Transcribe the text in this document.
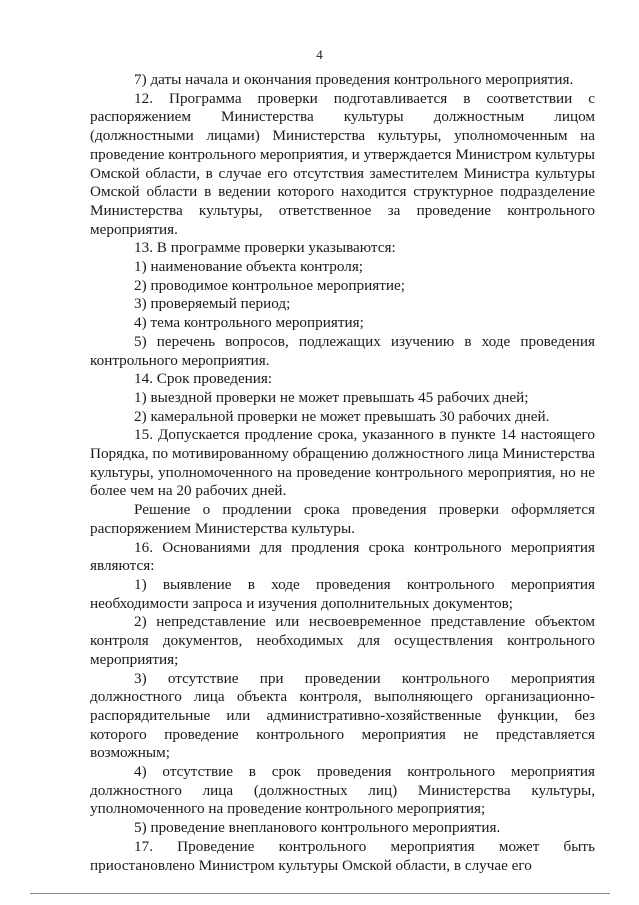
4

7) даты начала и окончания проведения контрольного мероприятия.

12. Программа проверки подготавливается в соответствии с распоряжением Министерства культуры должностным лицом (должностными лицами) Министерства культуры, уполномоченным на проведение контрольного мероприятия, и утверждается Министром культуры Омской области, в случае его отсутствия заместителем Министра культуры Омской области в ведении которого находится структурное подразделение Министерства культуры, ответственное за проведение контрольного мероприятия.

13. В программе проверки указываются:

1) наименование объекта контроля;

2) проводимое контрольное мероприятие;

3) проверяемый период;

4) тема контрольного мероприятия;

5) перечень вопросов, подлежащих изучению в ходе проведения контрольного мероприятия.

14. Срок проведения:

1) выездной проверки не может превышать 45 рабочих дней;

2) камеральной проверки не может превышать 30 рабочих дней.

15. Допускается продление срока, указанного в пункте 14 настоящего Порядка, по мотивированному обращению должностного лица Министерства культуры, уполномоченного на проведение контрольного мероприятия, но не более чем на 20 рабочих дней.

Решение о продлении срока проведения проверки оформляется распоряжением Министерства культуры.

16. Основаниями для продления срока контрольного мероприятия являются:

1) выявление в ходе проведения контрольного мероприятия необходимости запроса и изучения дополнительных документов;

2) непредставление или несвоевременное представление объектом контроля документов, необходимых для осуществления контрольного мероприятия;

3) отсутствие при проведении контрольного мероприятия должностного лица объекта контроля, выполняющего организационно-распорядительные или административно-хозяйственные функции, без которого проведение контрольного мероприятия не представляется возможным;

4) отсутствие в срок проведения контрольного мероприятия должностного лица (должностных лиц) Министерства культуры, уполномоченного на проведение контрольного мероприятия;

5) проведение внепланового контрольного мероприятия.

17. Проведение контрольного мероприятия может быть приостановлено Министром культуры Омской области, в случае его
